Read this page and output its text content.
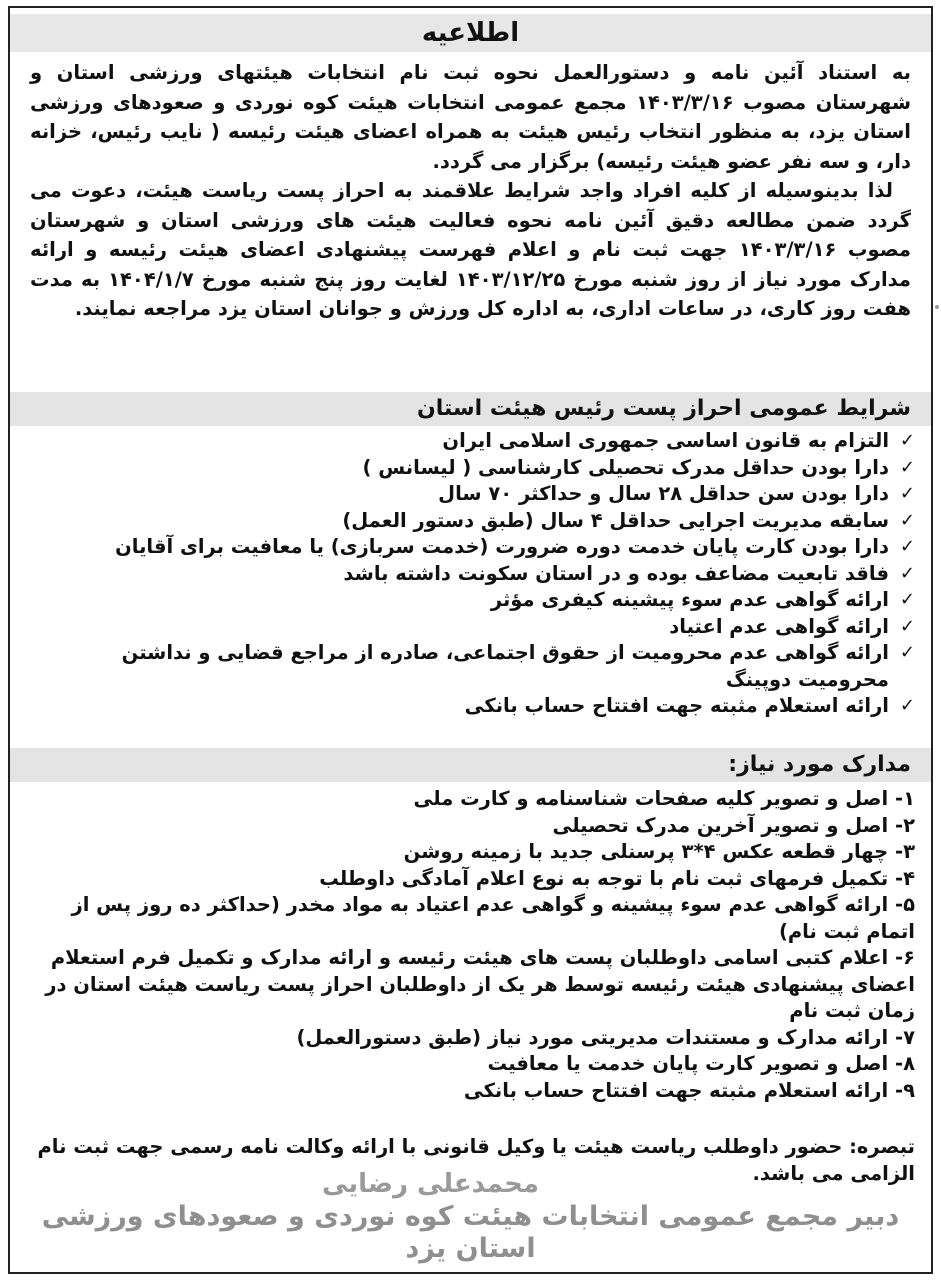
اطلاعیه

به استناد آئین نامه و دستورالعمل نحوه ثبت نام انتخابات هیئتهای ورزشی استان و شهرستان مصوب ۱۴۰۳/۳/۱۶ مجمع عمومی انتخابات هیئت کوه نوردی و صعودهای ورزشی استان یزد، به منظور انتخاب رئیس هیئت به همراه اعضای هیئت رئیسه ( نایب رئیس، خزانه دار، و سه نفر عضو هیئت رئیسه) برگزار می گردد.

لذا بدینوسیله از کلیه افراد واجد شرایط علاقمند به احراز پست ریاست هیئت، دعوت می گردد ضمن مطالعه دقیق آئین نامه نحوه فعالیت هیئت های ورزشی استان و شهرستان مصوب ۱۴۰۳/۳/۱۶ جهت ثبت نام و اعلام فهرست پیشنهادی اعضای هیئت رئیسه و ارائه مدارک مورد نیاز از روز شنبه مورخ ۱۴۰۳/۱۲/۲۵ لغایت روز پنج شنبه مورخ ۱۴۰۴/۱/۷ به مدت هفت روز کاری، در ساعات اداری، به اداره کل ورزش و جوانان استان یزد مراجعه نمایند.

شرایط عمومی احراز پست رئیس هیئت استان
✓
التزام به قانون اساسی جمهوری اسلامی ایران
✓
دارا بودن حداقل مدرک تحصیلی کارشناسی ( لیسانس )
✓
دارا بودن سن حداقل ۲۸ سال و حداکثر ۷۰ سال
✓
سابقه مدیریت اجرایی حداقل ۴ سال (طبق دستور العمل)
✓
دارا بودن کارت پایان خدمت دوره ضرورت (خدمت سربازی) یا معافیت برای آقایان
✓
فاقد تابعیت مضاعف بوده و در استان سکونت داشته باشد
✓
ارائه گواهی عدم سوء پیشینه کیفری مؤثر
✓
ارائه گواهی عدم اعتیاد
✓
ارائه گواهی عدم محرومیت از حقوق اجتماعی، صادره از مراجع قضایی و نداشتن محرومیت دوپینگ
✓
ارائه استعلام مثبته جهت افتتاح حساب بانکی
مدارک مورد نیاز:
۱- اصل و تصویر کلیه صفحات شناسنامه و کارت ملی
۲- اصل و تصویر آخرین مدرک تحصیلی
۳- چهار قطعه عکس ۴*۳ پرسنلی جدید با زمینه روشن
۴- تکمیل فرمهای ثبت نام با توجه به نوع اعلام آمادگی داوطلب
۵- ارائه گواهی عدم سوء پیشینه و گواهی عدم اعتیاد به مواد مخدر (حداکثر ده روز پس از اتمام ثبت نام)
۶- اعلام کتبی اسامی داوطلبان پست های هیئت رئیسه و ارائه مدارک و تکمیل فرم استعلام اعضای پیشنهادی هیئت رئیسه توسط هر یک از داوطلبان احراز پست ریاست هیئت استان در زمان ثبت نام
۷- ارائه مدارک و مستندات مدیریتی مورد نیاز (طبق دستورالعمل)
۸- اصل و تصویر کارت پایان خدمت یا معافیت
۹- ارائه استعلام مثبته جهت افتتاح حساب بانکی
تبصره: حضور داوطلب ریاست هیئت یا وکیل قانونی با ارائه وکالت نامه رسمی جهت ثبت نام الزامی می باشد.
محمدعلی رضایی
دبیر مجمع عمومی انتخابات هیئت کوه نوردی و صعودهای ورزشی استان یزد
